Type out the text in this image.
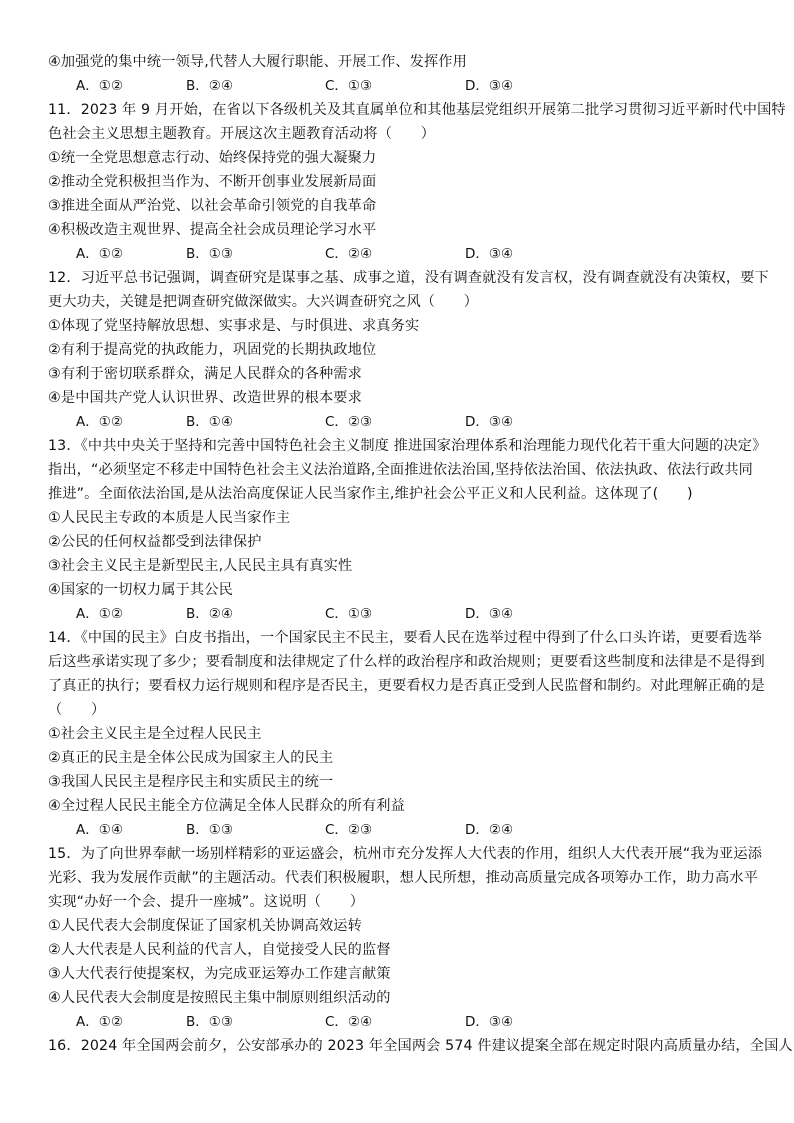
④加强党的集中统一领导,代替人大履行职能、开展工作、发挥作用
A．①②	B．②④	C．①③	D．③④
11．2023 年 9 月开始，在省以下各级机关及其直属单位和其他基层党组织开展第二批学习贯彻习近平新时代中国特
色社会主义思想主题教育。开展这次主题教育活动将（　　）
①统一全党思想意志行动、始终保持党的强大凝聚力
②推动全党积极担当作为、不断开创事业发展新局面
③推进全面从严治党、以社会革命引领党的自我革命
④积极改造主观世界、提高全社会成员理论学习水平
A．①②	B．①③	C．②④	D．③④
12．习近平总书记强调，调查研究是谋事之基、成事之道，没有调查就没有发言权，没有调查就没有决策权，要下
更大功夫，关键是把调查研究做深做实。大兴调查研究之风（　　）
①体现了党坚持解放思想、实事求是、与时俱进、求真务实
②有利于提高党的执政能力，巩固党的长期执政地位
③有利于密切联系群众，满足人民群众的各种需求
④是中国共产党人认识世界、改造世界的根本要求
A．①②	B．①④	C．②③	D．③④
13．《中共中央关于坚持和完善中国特色社会主义制度 推进国家治理体系和治理能力现代化若干重大问题的决定》
指出，“必须坚定不移走中国特色社会主义法治道路,全面推进依法治国,坚持依法治国、依法执政、依法行政共同
推进”。全面依法治国,是从法治高度保证人民当家作主,维护社会公平正义和人民利益。这体现了(　　)
①人民民主专政的本质是人民当家作主
②公民的任何权益都受到法律保护
③社会主义民主是新型民主,人民民主具有真实性
④国家的一切权力属于其公民
A．①②	B．②④	C．①③	D．③④
14．《中国的民主》白皮书指出，一个国家民主不民主，要看人民在选举过程中得到了什么口头许诺，更要看选举
后这些承诺实现了多少；要看制度和法律规定了什么样的政治程序和政治规则；更要看这些制度和法律是不是得到
了真正的执行；要看权力运行规则和程序是否民主，更要看权力是否真正受到人民监督和制约。对此理解正确的是
（　　）
①社会主义民主是全过程人民民主
②真正的民主是全体公民成为国家主人的民主
③我国人民民主是程序民主和实质民主的统一
④全过程人民民主能全方位满足全体人民群众的所有利益
A．①④	B．①③	C．②③	D．②④
15．为了向世界奉献一场别样精彩的亚运盛会，杭州市充分发挥人大代表的作用，组织人大代表开展“我为亚运添
光彩、我为发展作贡献”的主题活动。代表们积极履职，想人民所想，推动高质量完成各项筹办工作，助力高水平
实现“办好一个会、提升一座城”。这说明（　　）
①人民代表大会制度保证了国家机关协调高效运转
②人大代表是人民利益的代言人，自觉接受人民的监督
③人大代表行使提案权，为完成亚运筹办工作建言献策
④人民代表大会制度是按照民主集中制原则组织活动的
A．①②	B．①③	C．②④	D．③④
16．2024 年全国两会前夕，公安部承办的 2023 年全国两会 574 件建议提案全部在规定时限内高质量办结，全国人
